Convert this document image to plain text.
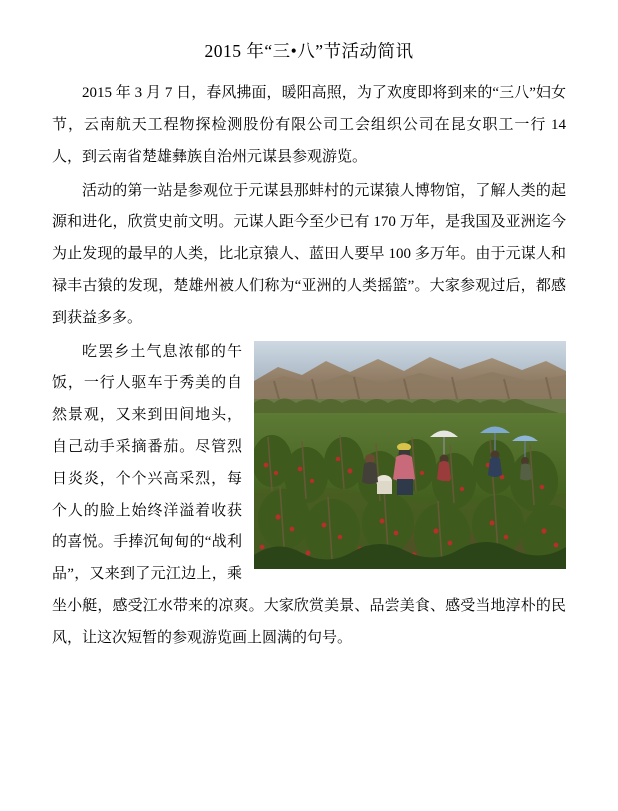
2015 年“三•八”节活动简讯

2015 年 3 月 7 日，春风拂面，暖阳高照，为了欢度即将到来的“三八”妇女节，云南航天工程物探检测股份有限公司工会组织公司在昆女职工一行 14 人，到云南省楚雄彝族自治州元谋县参观游览。

活动的第一站是参观位于元谋县那蚌村的元谋猿人博物馆，了解人类的起源和进化，欣赏史前文明。元谋人距今至少已有 170 万年，是我国及亚洲迄今为止发现的最早的人类，比北京猿人、蓝田人要早 100 多万年。由于元谋人和禄丰古猿的发现，楚雄州被人们称为“亚洲的人类摇篮”。大家参观过后，都感到获益多多。

吃罢乡土气息浓郁的午饭，一行人驱车于秀美的自然景观，又来到田间地头，自己动手采摘番茄。尽管烈日炎炎，个个兴高采烈，每个人的脸上始终洋溢着收获的喜悦。手捧沉甸甸的“战利品”，又来到了元江边上，乘坐小艇，感受江水带来的凉爽。大家欣赏美景、品尝美食、感受当地淳朴的民风，让这次短暂的参观游览画上圆满的句号。
